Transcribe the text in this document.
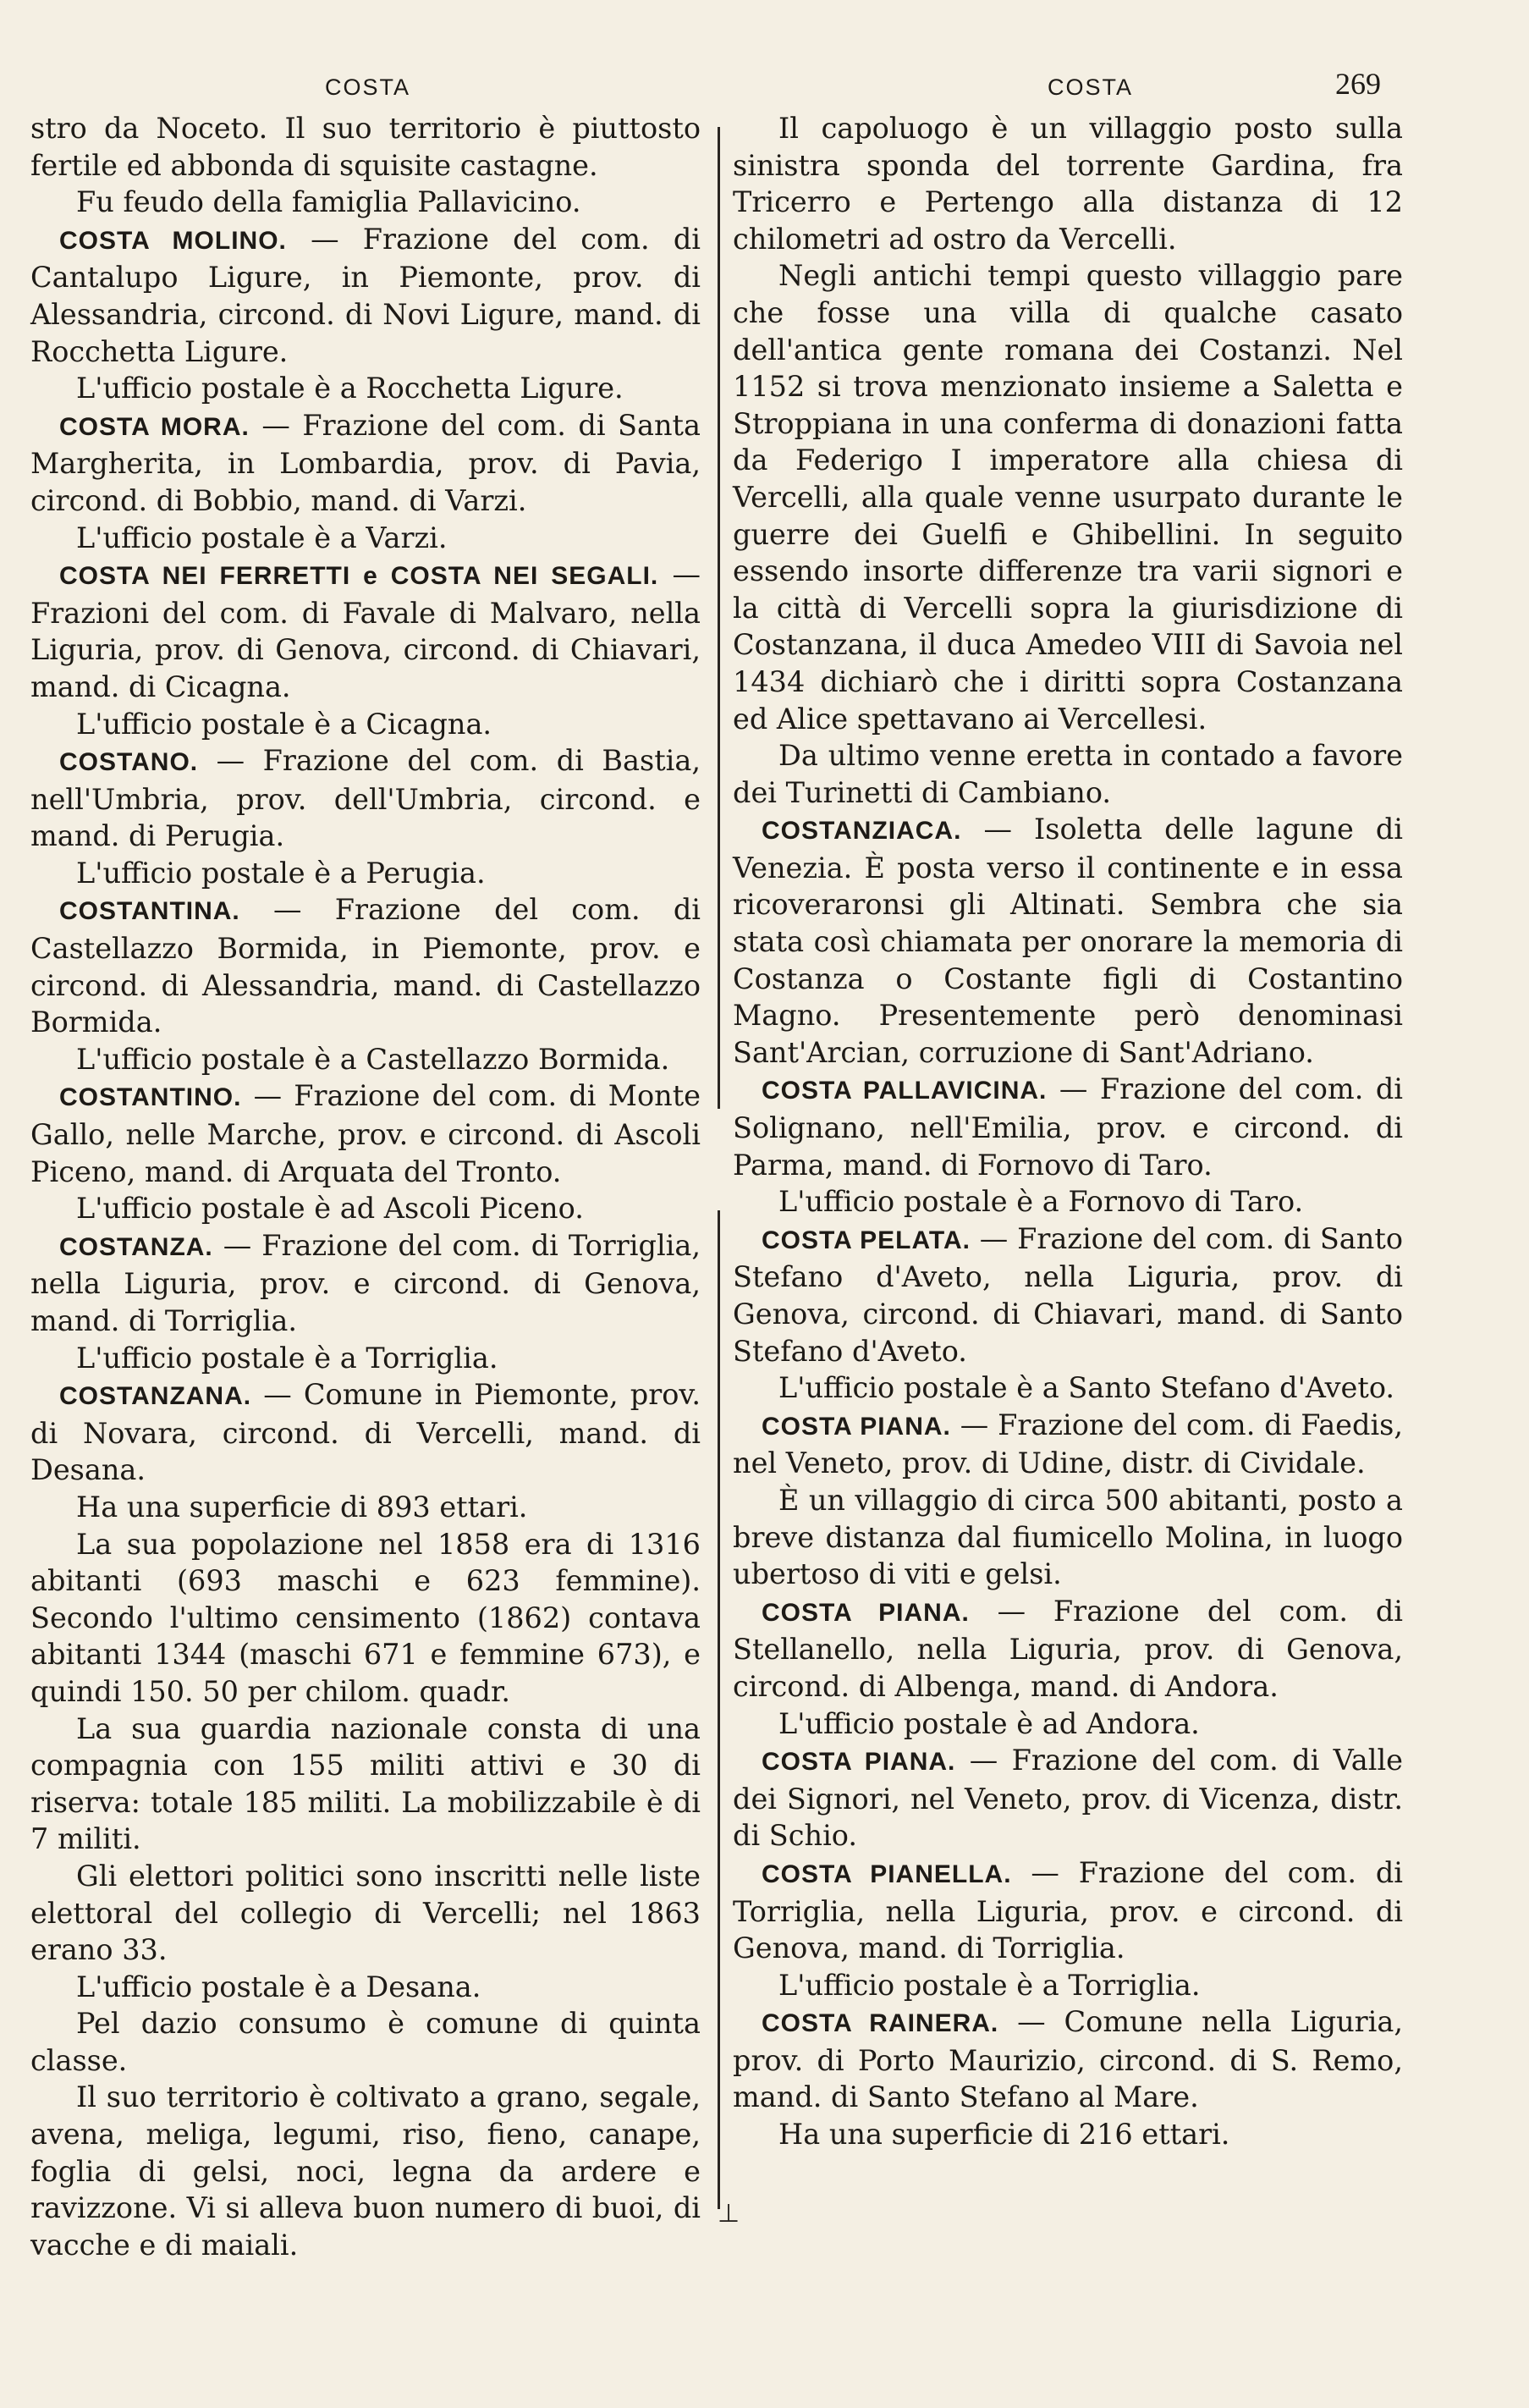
COSTA	COSTA	269

stro da Noceto. Il suo territorio è piuttosto fertile ed abbonda di squisite castagne.

Fu feudo della famiglia Pallavicino.

COSTA MOLINO. — Frazione del com. di Cantalupo Ligure, in Piemonte, prov. di Alessandria, circond. di Novi Ligure, mand. di Rocchetta Ligure.

L'ufficio postale è a Rocchetta Ligure.

COSTA MORA. — Frazione del com. di Santa Margherita, in Lombardia, prov. di Pavia, circond. di Bobbio, mand. di Varzi.

L'ufficio postale è a Varzi.

COSTA NEI FERRETTI e COSTA NEI SEGALI. — Frazioni del com. di Favale di Malvaro, nella Liguria, prov. di Genova, circond. di Chiavari, mand. di Cicagna.

L'ufficio postale è a Cicagna.

COSTANO. — Frazione del com. di Bastia, nell'Umbria, prov. dell'Umbria, circond. e mand. di Perugia.

L'ufficio postale è a Perugia.

COSTANTINA. — Frazione del com. di Castellazzo Bormida, in Piemonte, prov. e circond. di Alessandria, mand. di Castellazzo Bormida.

L'ufficio postale è a Castellazzo Bormida.

COSTANTINO. — Frazione del com. di Monte Gallo, nelle Marche, prov. e circond. di Ascoli Piceno, mand. di Arquata del Tronto.

L'ufficio postale è ad Ascoli Piceno.

COSTANZA. — Frazione del com. di Torriglia, nella Liguria, prov. e circond. di Genova, mand. di Torriglia.

L'ufficio postale è a Torriglia.

COSTANZANA. — Comune in Piemonte, prov. di Novara, circond. di Vercelli, mand. di Desana.

Ha una superficie di 893 ettari.

La sua popolazione nel 1858 era di 1316 abitanti (693 maschi e 623 femmine). Secondo l'ultimo censimento (1862) contava abitanti 1344 (maschi 671 e femmine 673), e quindi 150. 50 per chilom. quadr.

La sua guardia nazionale consta di una compagnia con 155 militi attivi e 30 di riserva: totale 185 militi. La mobilizzabile è di 7 militi.

Gli elettori politici sono inscritti nelle liste elettoral del collegio di Vercelli; nel 1863 erano 33.

L'ufficio postale è a Desana.

Pel dazio consumo è comune di quinta classe.

Il suo territorio è coltivato a grano, segale, avena, meliga, legumi, riso, fieno, canape, foglia di gelsi, noci, legna da ardere e ravizzone. Vi si alleva buon numero di buoi, di vacche e di maiali.

Il capoluogo è un villaggio posto sulla sinistra sponda del torrente Gardina, fra Tricerro e Pertengo alla distanza di 12 chilometri ad ostro da Vercelli.

Negli antichi tempi questo villaggio pare che fosse una villa di qualche casato dell'antica gente romana dei Costanzi. Nel 1152 si trova menzionato insieme a Saletta e Stroppiana in una conferma di donazioni fatta da Federigo I imperatore alla chiesa di Vercelli, alla quale venne usurpato durante le guerre dei Guelfi e Ghibellini. In seguito essendo insorte differenze tra varii signori e la città di Vercelli sopra la giurisdizione di Costanzana, il duca Amedeo VIII di Savoia nel 1434 dichiarò che i diritti sopra Costanzana ed Alice spettavano ai Vercellesi.

Da ultimo venne eretta in contado a favore dei Turinetti di Cambiano.

COSTANZIACA. — Isoletta delle lagune di Venezia. È posta verso il continente e in essa ricoveraronsi gli Altinati. Sembra che sia stata così chiamata per onorare la memoria di Costanza o Costante figli di Costantino Magno. Presentemente però denominasi Sant'Arcian, corruzione di Sant'Adriano.

COSTA PALLAVICINA. — Frazione del com. di Solignano, nell'Emilia, prov. e circond. di Parma, mand. di Fornovo di Taro.

L'ufficio postale è a Fornovo di Taro.

COSTA PELATA. — Frazione del com. di Santo Stefano d'Aveto, nella Liguria, prov. di Genova, circond. di Chiavari, mand. di Santo Stefano d'Aveto.

L'ufficio postale è a Santo Stefano d'Aveto.

COSTA PIANA. — Frazione del com. di Faedis, nel Veneto, prov. di Udine, distr. di Cividale.

È un villaggio di circa 500 abitanti, posto a breve distanza dal fiumicello Molina, in luogo ubertoso di viti e gelsi.

COSTA PIANA. — Frazione del com. di Stellanello, nella Liguria, prov. di Genova, circond. di Albenga, mand. di Andora.

L'ufficio postale è ad Andora.

COSTA PIANA. — Frazione del com. di Valle dei Signori, nel Veneto, prov. di Vicenza, distr. di Schio.

COSTA PIANELLA. — Frazione del com. di Torriglia, nella Liguria, prov. e circond. di Genova, mand. di Torriglia.

L'ufficio postale è a Torriglia.

COSTA RAINERA. — Comune nella Liguria, prov. di Porto Maurizio, circond. di S. Remo, mand. di Santo Stefano al Mare.

Ha una superficie di 216 ettari.

⊥
